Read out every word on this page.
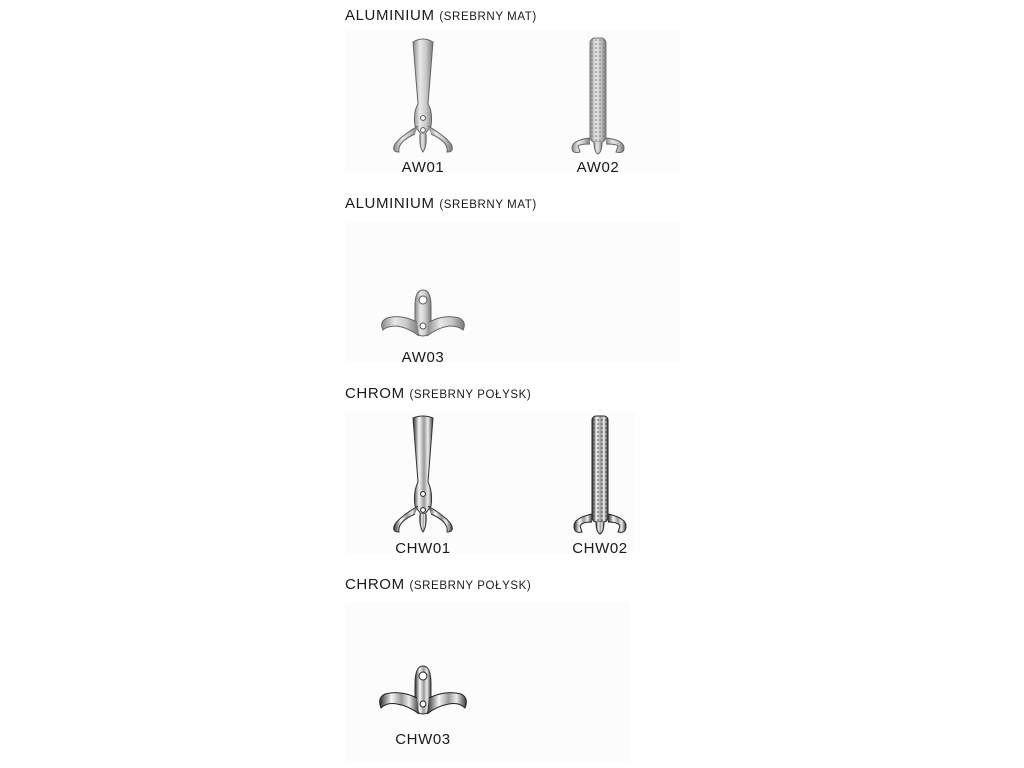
ALUMINIUM (SREBRNY MAT)
ALUMINIUM (SREBRNY MAT)
CHROM (SREBRNY POŁYSK)
CHROM (SREBRNY POŁYSK)
AW01	AW02
AW03
CHW01	CHW02
CHW03
